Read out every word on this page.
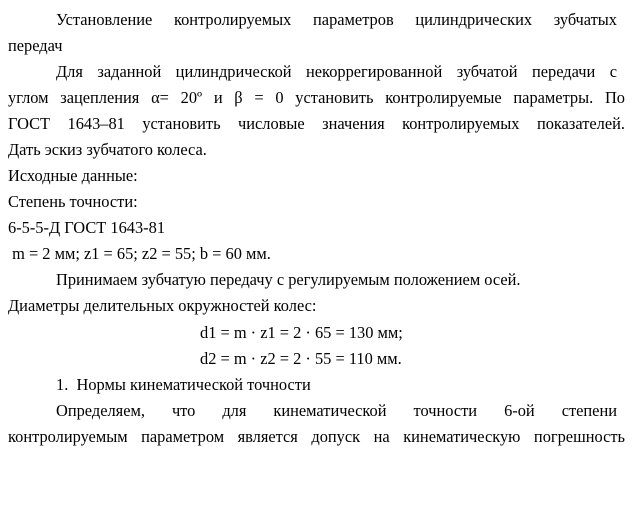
Установление контролируемых параметров цилиндрических зубчатых
передач
Для заданной цилиндрической некоррегированной зубчатой передачи с
углом зацепления α= 20º и β = 0 установить контролируемые параметры. По
ГОСТ 1643–81 установить числовые значения контролируемых показателей.
Дать эскиз зубчатого колеса.
Исходные данные:
Степень точности:
6-5-5-Д ГОСТ 1643-81
m = 2 мм; z1 = 65; z2 = 55; b = 60 мм.
Принимаем зубчатую передачу с регулируемым положением осей.
Диаметры делительных окружностей колес:
d1 = m · z1 = 2 · 65 = 130 мм;
d2 = m · z2 = 2 · 55 = 110 мм.
1.  Нормы кинематической точности
Определяем, что для кинематической точности 6-ой степени
контролируемым параметром является допуск на кинематическую погрешность
